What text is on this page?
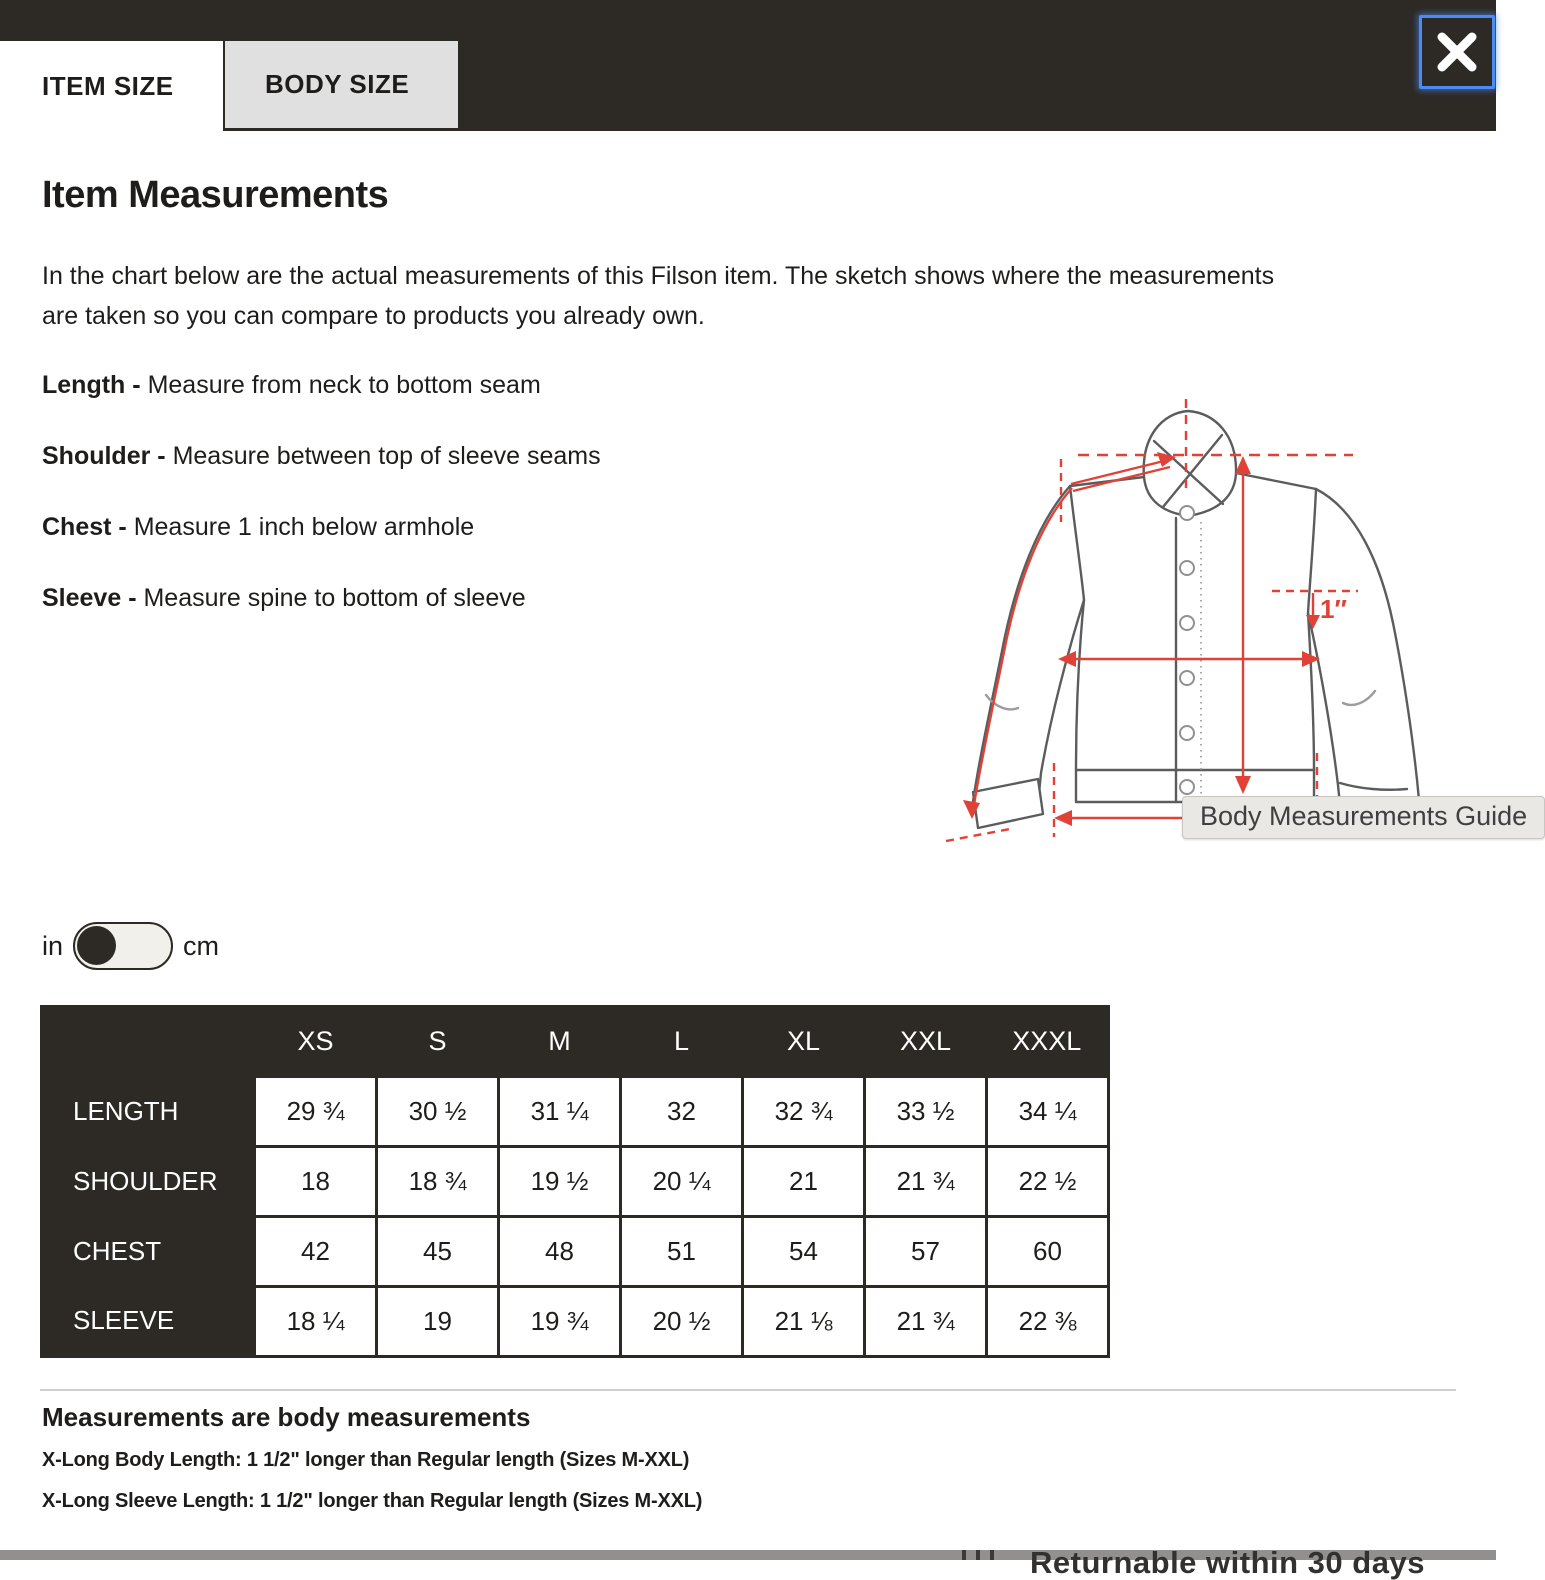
ITEM SIZE	BODY SIZE
Item Measurements

In the chart below are the actual measurements of this Filson item. The sketch shows where the measurements are taken so you can compare to products you already own.

Length - Measure from neck to bottom seam

Shoulder - Measure between top of sleeve seams

Chest - Measure 1 inch below armhole

Sleeve - Measure spine to bottom of sleeve	1″
Body Measurements Guide
in	cm
	XS	S	M	L	XL	XXL	XXXL
LENGTH	29 ¾	30 ½	31 ¼	32	32 ¾	33 ½	34 ¼
SHOULDER	18	18 ¾	19 ½	20 ¼	21	21 ¾	22 ½
CHEST	42	45	48	51	54	57	60
SLEEVE	18 ¼	19	19 ¾	20 ½	21 ⅛	21 ¾	22 ⅜
Measurements are body measurements

X-Long Body Length: 1 1/2" longer than Regular length (Sizes M-XXL)

X-Long Sleeve Length: 1 1/2" longer than Regular length (Sizes M-XXL)

Returnable within 30 days
